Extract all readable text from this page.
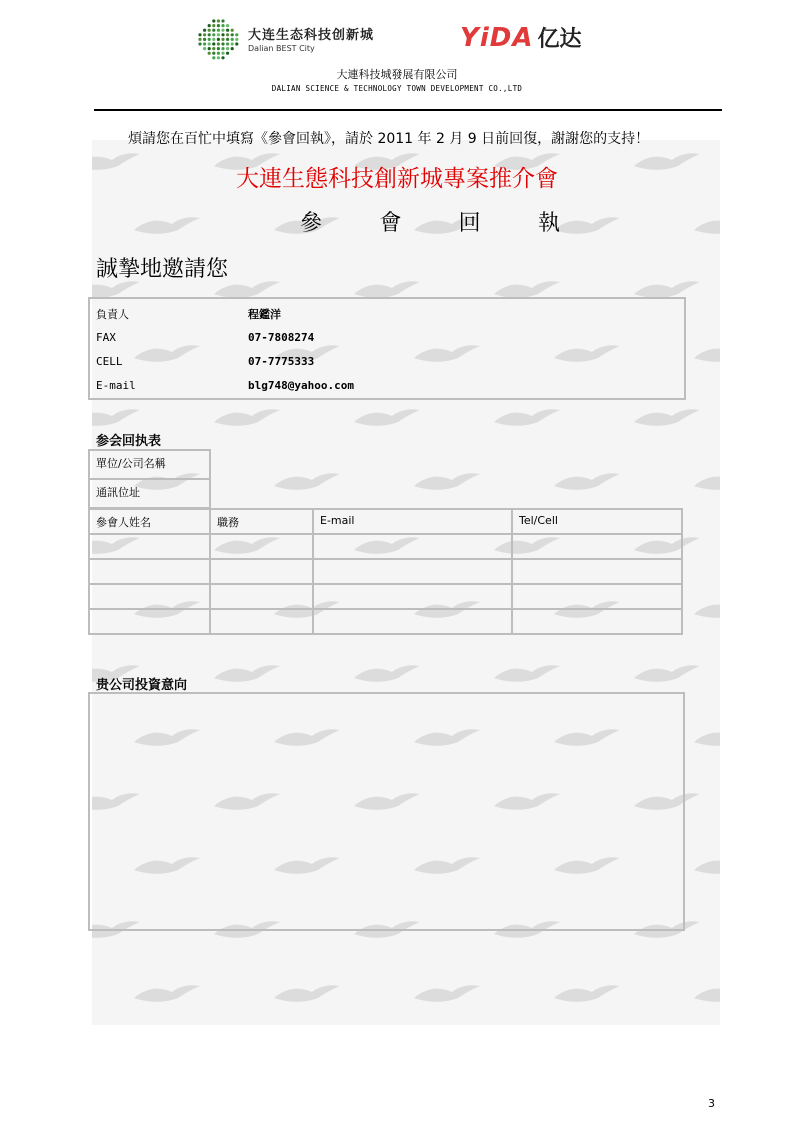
大连生态科技创新城
Dalian BEST City	YiDA 亿达
大連科技城發展有限公司
DALIAN SCIENCE & TECHNOLOGY TOWN DEVELOPMENT CO.,LTD
煩請您在百忙中填寫《參會回執》，請於 2011 年 2 月 9 日前回復，謝謝您的支持！
大連生態科技創新城專案推介會
參	會	回	執
誠摯地邀請您
負責人	程鑑洋
FAX	07-7808274
CELL	07-7775333
E-mail	blg748@yahoo.com
参会回执表
單位/公司名稱
通訊位址
參會人姓名	職務	E-mail	Tel/Cell
贵公司投資意向
3
